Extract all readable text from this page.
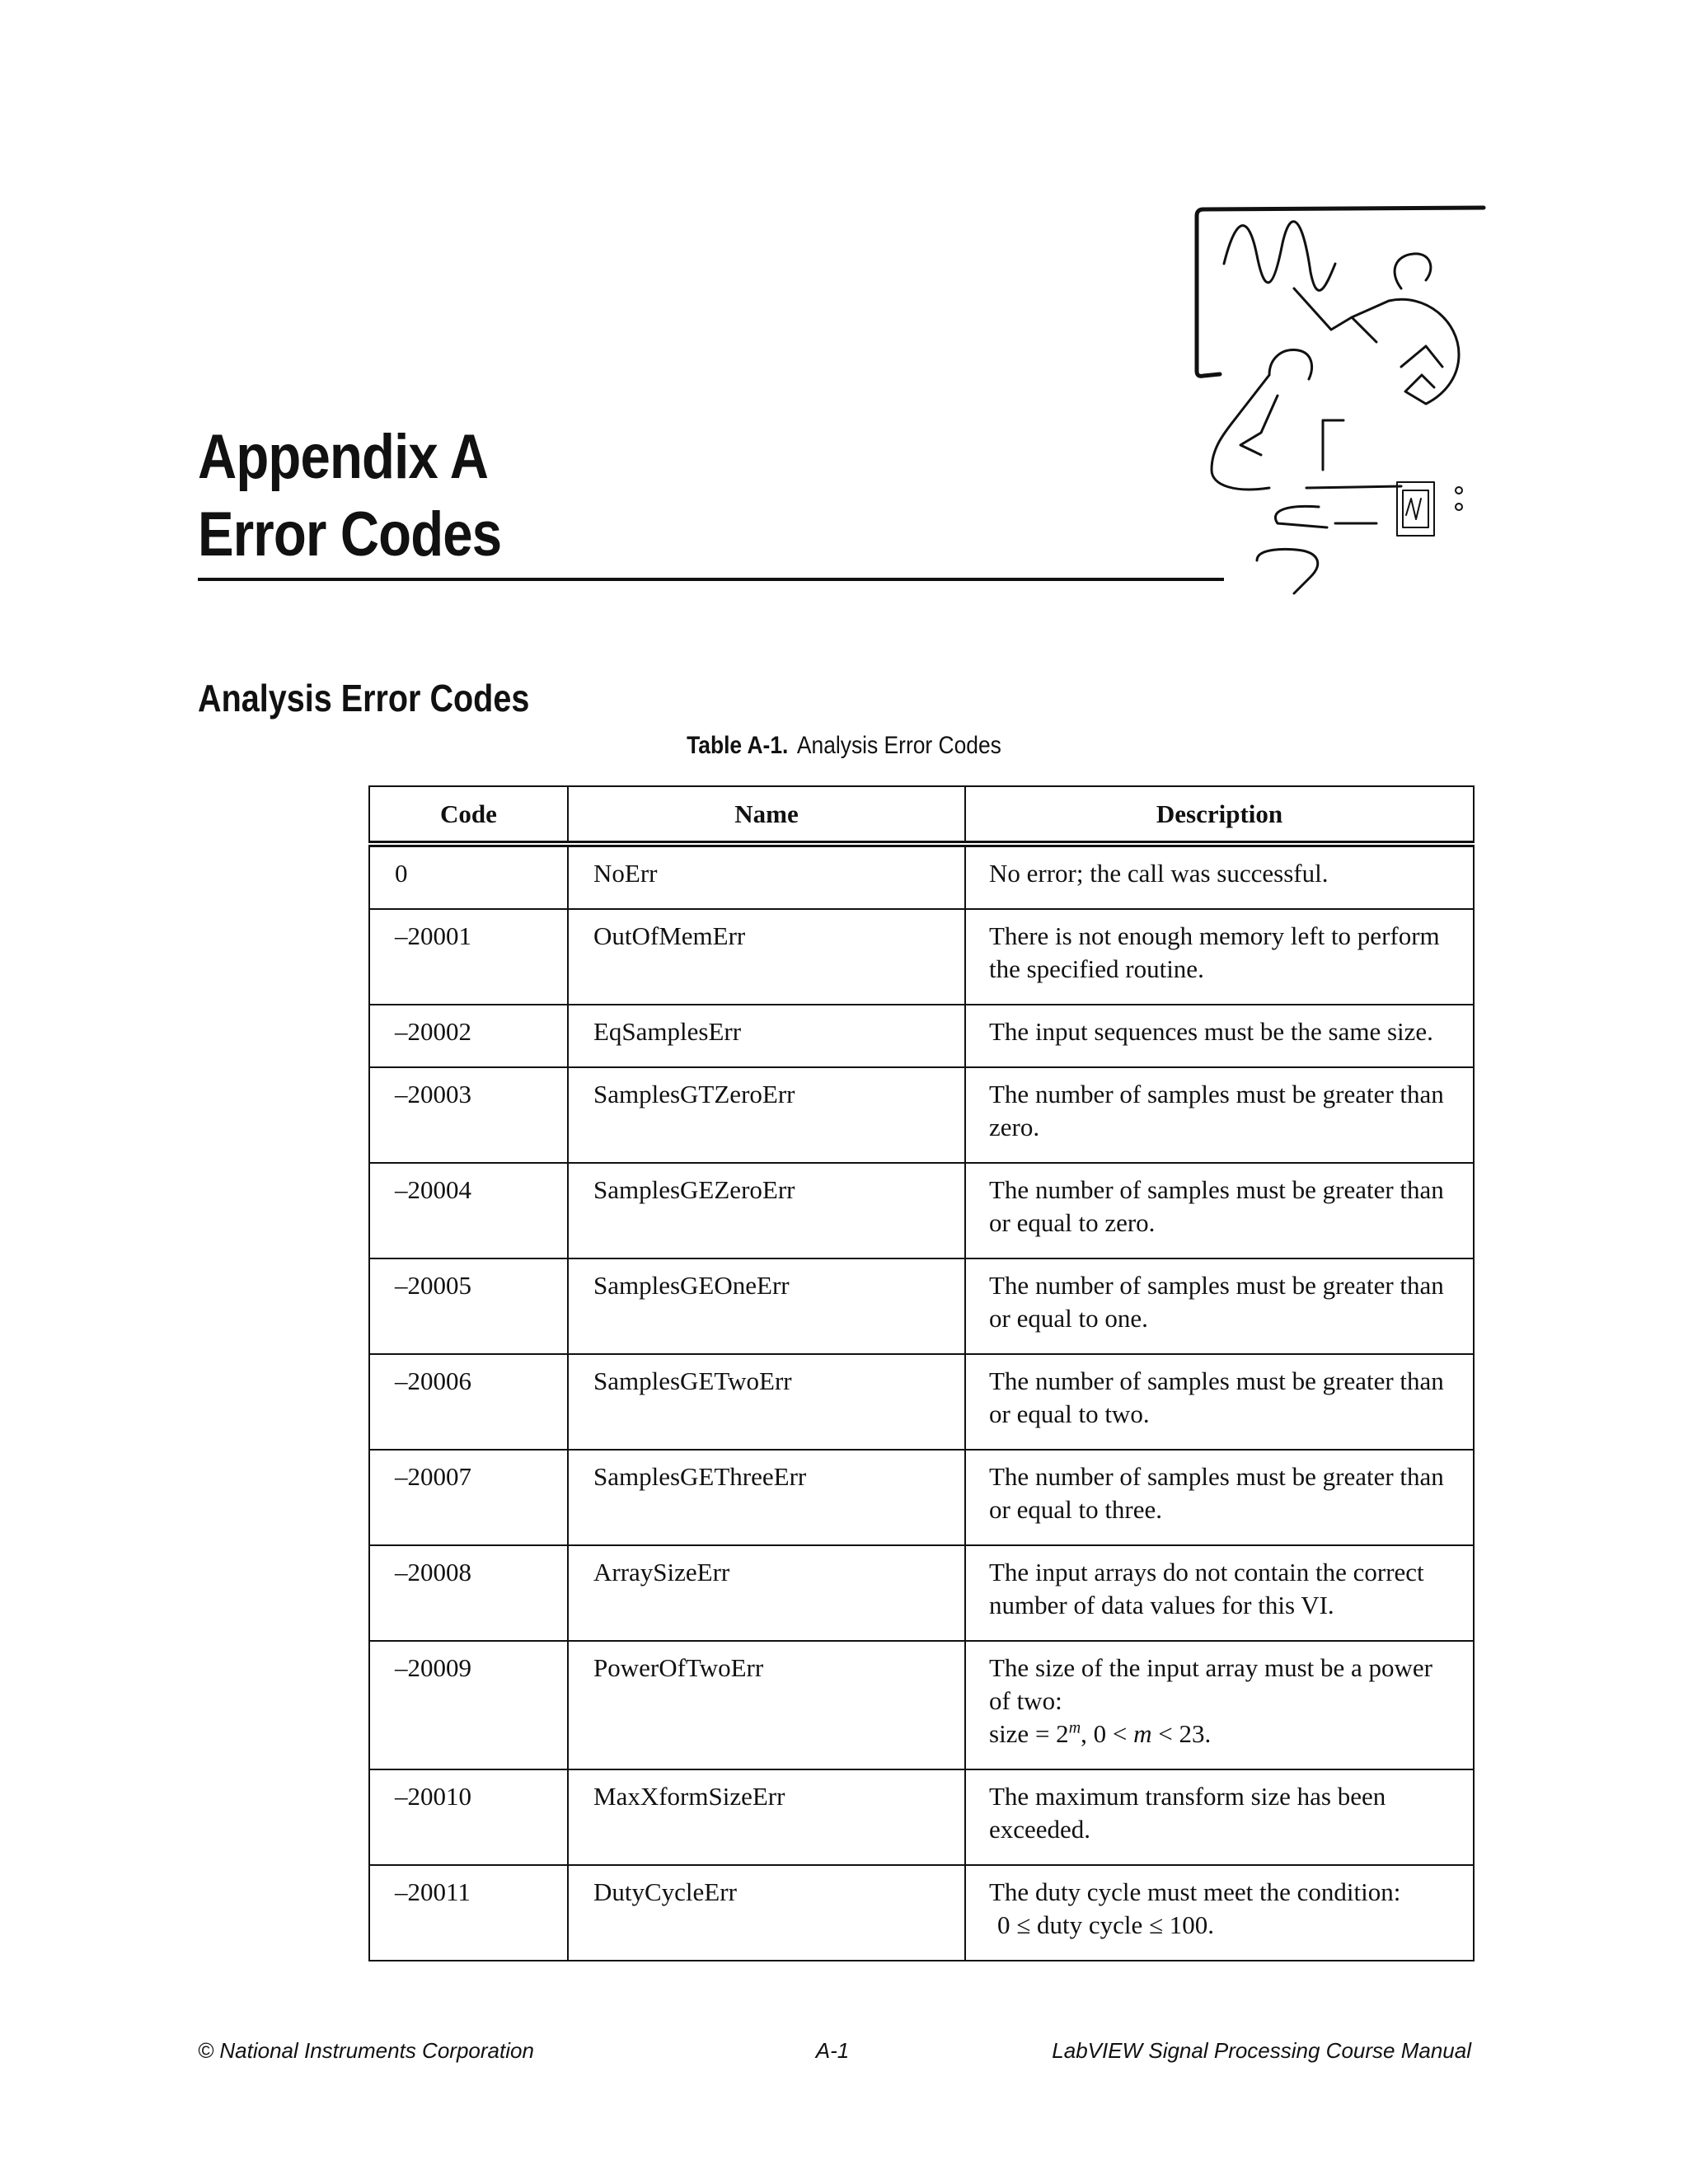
Appendix A
Error Codes
Analysis Error Codes
Table A-1. Analysis Error Codes
Code	Name	Description
0	NoErr	No error; the call was successful.
–20001	OutOfMemErr	There is not enough memory left to perform the specified routine.
–20002	EqSamplesErr	The input sequences must be the same size.
–20003	SamplesGTZeroErr	The number of samples must be greater than zero.
–20004	SamplesGEZeroErr	The number of samples must be greater than or equal to zero.
–20005	SamplesGEOneErr	The number of samples must be greater than or equal to one.
–20006	SamplesGETwoErr	The number of samples must be greater than or equal to two.
–20007	SamplesGEThreeErr	The number of samples must be greater than or equal to three.
–20008	ArraySizeErr	The input arrays do not contain the correct number of data values for this VI.
–20009	PowerOfTwoErr	The size of the input array must be a power of two:
size = $2^m$, 0 < m < 23.
–20010	MaxXformSizeErr	The maximum transform size has been exceeded.
–20011	DutyCycleErr	The duty cycle must meet the condition:
0 ≤ duty cycle ≤ 100.
© National Instruments Corporation	A-1	LabVIEW Signal Processing Course Manual
